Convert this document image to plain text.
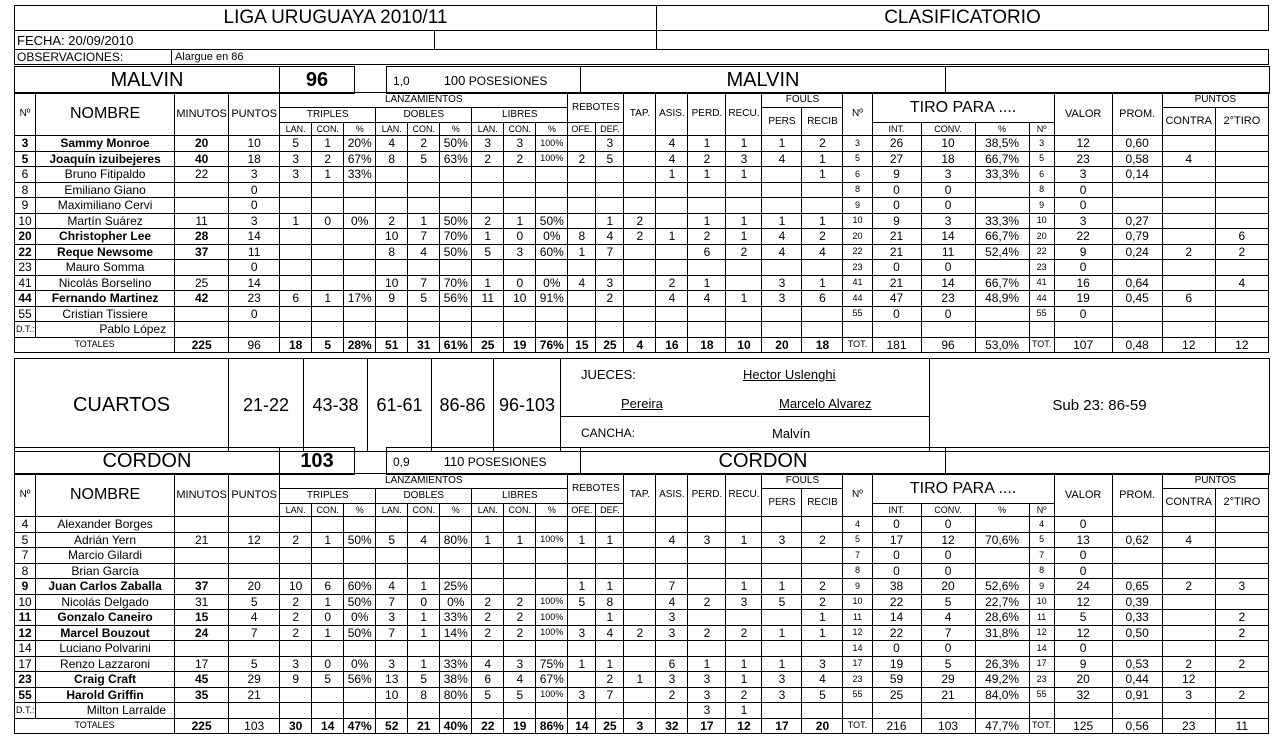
LIGA URUGUAYA 2010/11	CLASIFICATORIO
FECHA: 20/09/2010
OBSERVACIONES:	Alargue en 86
MALVIN	96		1,0	100 POSESIONES	MALVIN	
Nº	NOMBRE	MINUTOS	PUNTOS	LANZAMIENTOS									REBOTES		TAP.	ASIS.	PERD.	RECU.	FOULS		Nº	TIRO PARA ....				VALOR	PROM.	PUNTOS	
				TRIPLES			DOBLES			LIBRES									PERS	RECIB								CONTRA	2°TIRO
				LAN.	CON.	%	LAN.	CON.	%	LAN.	CON.	%	OFE.	DEF.								INT.	CONV.	%	Nº				
3	Sammy Monroe	20	10	5	1	20%	4	2	50%	3	3	100%		3		4	1	1	1	2	3	26	10	38,5%	3	12	0,60		
5	Joaquín izuibejeres	40	18	3	2	67%	8	5	63%	2	2	100%	2	5		4	2	3	4	1	5	27	18	66,7%	5	23	0,58	4	
6	Bruno Fitipaldo	22	3	3	1	33%										1	1	1		1	6	9	3	33,3%	6	3	0,14		
8	Emiliano Giano		0																		8	0	0		8	0			
9	Maximiliano Cervi		0																		9	0	0		9	0			
10	Martín Suárez	11	3	1	0	0%	2	1	50%	2	1	50%		1	2		1	1	1	1	10	9	3	33,3%	10	3	0,27		
20	Christopher Lee	28	14				10	7	70%	1	0	0%	8	4	2	1	2	1	4	2	20	21	14	66,7%	20	22	0,79		6
22	Reque Newsome	37	11				8	4	50%	5	3	60%	1	7			6	2	4	4	22	21	11	52,4%	22	9	0,24	2	2
23	Mauro Somma		0																		23	0	0		23	0			
41	Nicolás Borselino	25	14				10	7	70%	1	0	0%	4	3		2	1		3	1	41	21	14	66,7%	41	16	0,64		4
44	Fernando Martinez	42	23	6	1	17%	9	5	56%	11	10	91%		2		4	4	1	3	6	44	47	23	48,9%	44	19	0,45	6	
55	Cristian Tissiere		0																		55	0	0		55	0			
D.T.:	Pablo López																												
TOTALES		225	96	18	5	28%	51	31	61%	25	19	76%	15	25	4	16	18	10	20	18	TOT.	181	96	53,0%	TOT.	107	0,48	12	12
CUARTOS	21-22	43-38	61-61	86-86	96-103	
JUECES:	Hector Uslenghi
Pereira	Marcelo Alvarez
CANCHA:	Malvín
	Sub 23: 86-59
CORDON	103		0,9	110 POSESIONES	CORDON	
Nº	NOMBRE	MINUTOS	PUNTOS	LANZAMIENTOS									REBOTES		TAP.	ASIS.	PERD.	RECU.	FOULS		Nº	TIRO PARA ....				VALOR	PROM.	PUNTOS	
				TRIPLES			DOBLES			LIBRES									PERS	RECIB								CONTRA	2°TIRO
				LAN.	CON.	%	LAN.	CON.	%	LAN.	CON.	%	OFE.	DEF.								INT.	CONV.	%	Nº				
4	Alexander Borges																				4	0	0		4	0			
5	Adrián Yern	21	12	2	1	50%	5	4	80%	1	1	100%	1	1		4	3	1	3	2	5	17	12	70,6%	5	13	0,62	4	
7	Marcio Gilardi																				7	0	0		7	0			
8	Brian García																				8	0	0		8	0			
9	Juan Carlos Zaballa	37	20	10	6	60%	4	1	25%				1	1		7		1	1	2	9	38	20	52,6%	9	24	0,65	2	3
10	Nicolás Delgado	31	5	2	1	50%	7	0	0%	2	2	100%	5	8		4	2	3	5	2	10	22	5	22,7%	10	12	0,39		
11	Gonzalo Caneiro	15	4	2	0	0%	3	1	33%	2	2	100%		1		3				1	11	14	4	28,6%	11	5	0,33		2
12	Marcel Bouzout	24	7	2	1	50%	7	1	14%	2	2	100%	3	4	2	3	2	2	1	1	12	22	7	31,8%	12	12	0,50		2
14	Luciano Polvarini																				14	0	0		14	0			
17	Renzo Lazzaroni	17	5	3	0	0%	3	1	33%	4	3	75%	1	1		6	1	1	1	3	17	19	5	26,3%	17	9	0,53	2	2
23	Craig Craft	45	29	9	5	56%	13	5	38%	6	4	67%		2	1	3	3	1	3	4	23	59	29	49,2%	23	20	0,44	12	
55	Harold Griffin	35	21				10	8	80%	5	5	100%	3	7		2	3	2	3	5	55	25	21	84,0%	55	32	0,91	3	2
D.T.:	Milton Larralde																3	1											
TOTALES		225	103	30	14	47%	52	21	40%	22	19	86%	14	25	3	32	17	12	17	20	TOT.	216	103	47,7%	TOT.	125	0,56	23	11
